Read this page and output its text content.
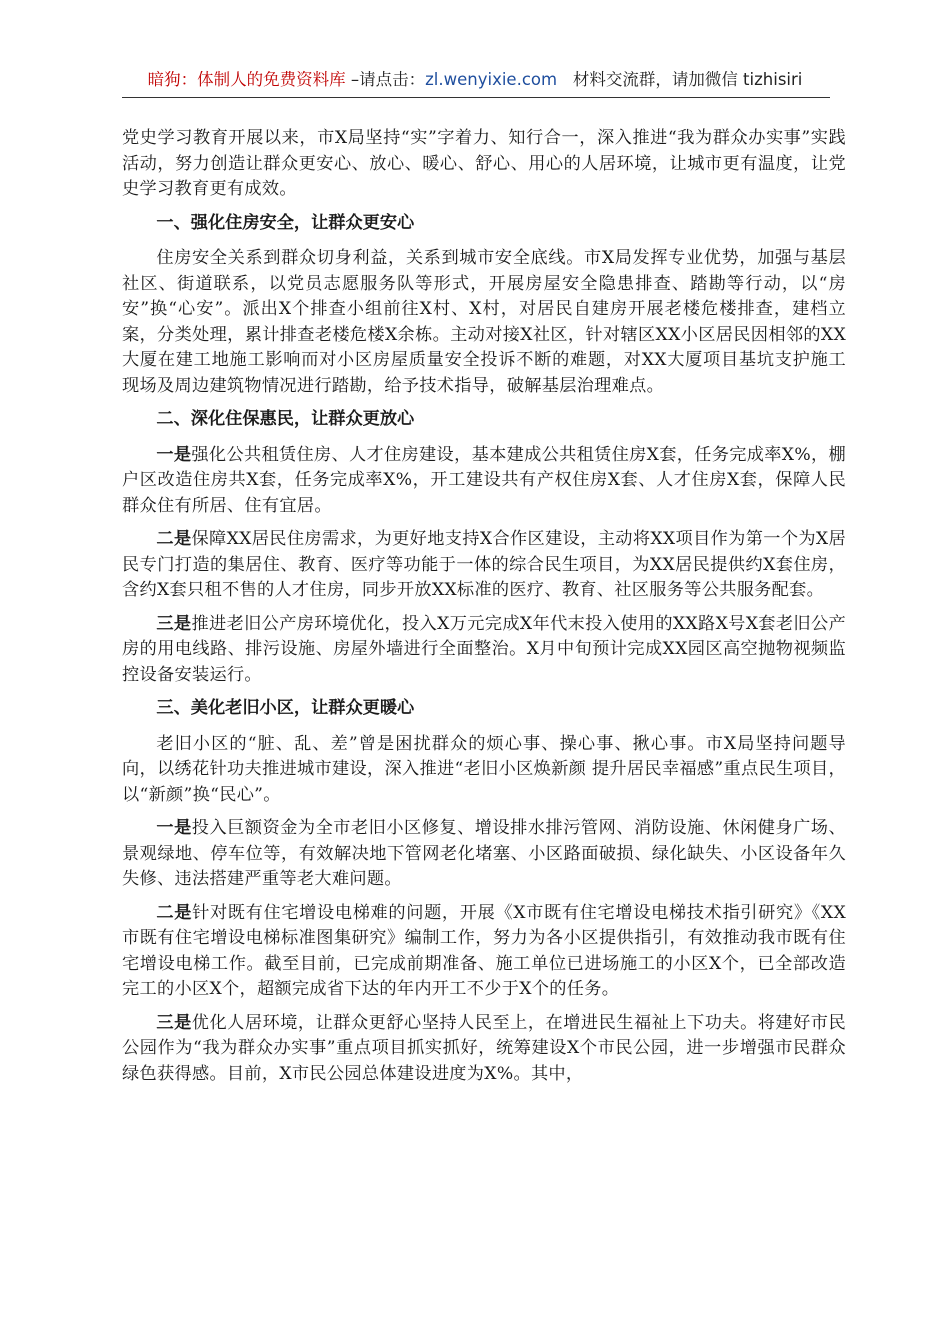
暗狗：体制人的免费资料库 –请点击：zl.wenyixie.com 材料交流群，请加微信 tizhisiri

党史学习教育开展以来，市X局坚持“实”字着力、知行合一，深入推进“我为群众办实事”实践活动，努力创造让群众更安心、放心、暖心、舒心、用心的人居环境，让城市更有温度，让党史学习教育更有成效。

一、强化住房安全，让群众更安心

住房安全关系到群众切身利益，关系到城市安全底线。市X局发挥专业优势，加强与基层社区、街道联系，以党员志愿服务队等形式，开展房屋安全隐患排查、踏勘等行动，以“房安”换“心安”。派出X个排查小组前往X村、X村，对居民自建房开展老楼危楼排查，建档立案，分类处理，累计排查老楼危楼X余栋。主动对接X社区，针对辖区XX小区居民因相邻的XX大厦在建工地施工影响而对小区房屋质量安全投诉不断的难题，对XX大厦项目基坑支护施工现场及周边建筑物情况进行踏勘，给予技术指导，破解基层治理难点。

二、深化住保惠民，让群众更放心

一是强化公共租赁住房、人才住房建设，基本建成公共租赁住房X套，任务完成率X%，棚户区改造住房共X套，任务完成率X%，开工建设共有产权住房X套、人才住房X套，保障人民群众住有所居、住有宜居。

二是保障XX居民住房需求，为更好地支持X合作区建设，主动将XX项目作为第一个为X居民专门打造的集居住、教育、医疗等功能于一体的综合民生项目，为XX居民提供约X套住房，含约X套只租不售的人才住房，同步开放XX标准的医疗、教育、社区服务等公共服务配套。

三是推进老旧公产房环境优化，投入X万元完成X年代末投入使用的XX路X号X套老旧公产房的用电线路、排污设施、房屋外墙进行全面整治。X月中旬预计完成XX园区高空抛物视频监控设备安装运行。

三、美化老旧小区，让群众更暖心

老旧小区的“脏、乱、差”曾是困扰群众的烦心事、操心事、揪心事。市X局坚持问题导向，以绣花针功夫推进城市建设，深入推进“老旧小区焕新颜 提升居民幸福感”重点民生项目，以“新颜”换“民心”。

一是投入巨额资金为全市老旧小区修复、增设排水排污管网、消防设施、休闲健身广场、景观绿地、停车位等，有效解决地下管网老化堵塞、小区路面破损、绿化缺失、小区设备年久失修、违法搭建严重等老大难问题。

二是针对既有住宅增设电梯难的问题，开展《X市既有住宅增设电梯技术指引研究》《XX市既有住宅增设电梯标准图集研究》编制工作，努力为各小区提供指引，有效推动我市既有住宅增设电梯工作。截至目前，已完成前期准备、施工单位已进场施工的小区X个，已全部改造完工的小区X个，超额完成省下达的年内开工不少于X个的任务。

三是优化人居环境，让群众更舒心坚持人民至上，在增进民生福祉上下功夫。将建好市民公园作为“我为群众办实事”重点项目抓实抓好，统筹建设X个市民公园，进一步增强市民群众绿色获得感。目前，X市民公园总体建设进度为X%。其中，
